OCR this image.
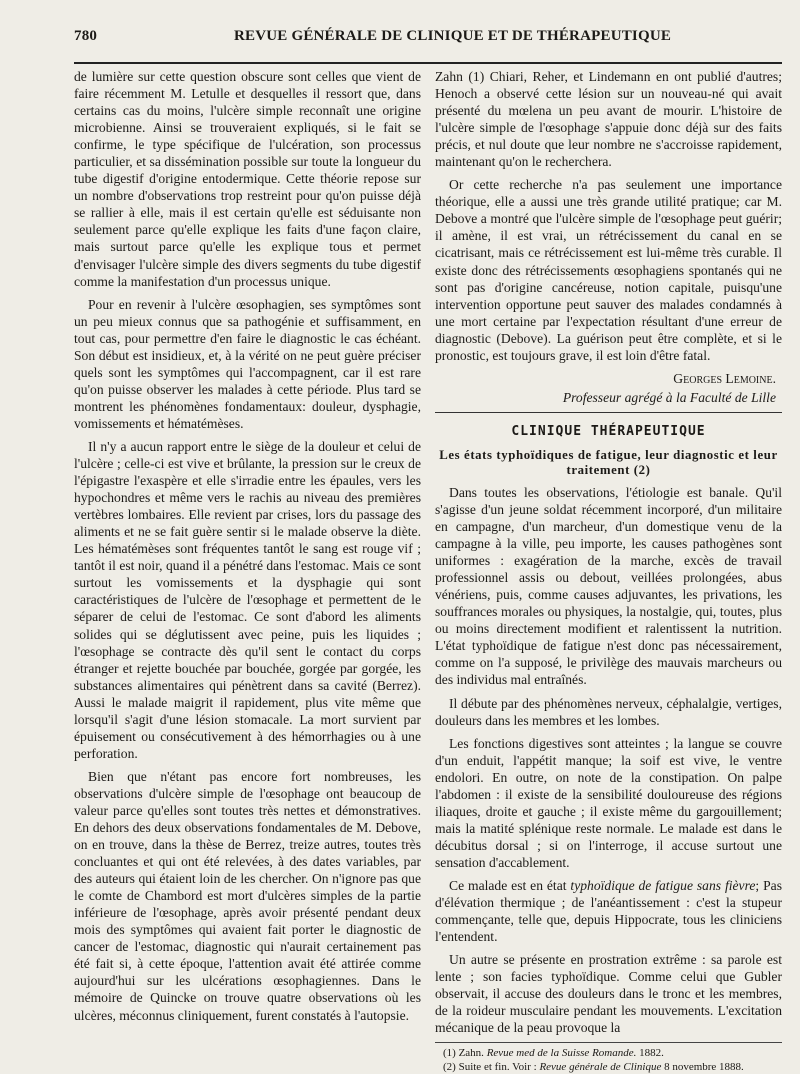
780	REVUE GÉNÉRALE DE CLINIQUE ET DE THÉRAPEUTIQUE

de lumière sur cette question obscure sont celles que vient de faire récemment M. Letulle et desquelles il ressort que, dans certains cas du moins, l'ulcère simple reconnaît une origine microbienne. Ainsi se trouveraient expliqués, si le fait se confirme, le type spécifique de l'ulcération, son processus particulier, et sa dissémination possible sur toute la longueur du tube digestif d'origine entodermique. Cette théorie repose sur un nombre d'observations trop restreint pour qu'on puisse déjà se rallier à elle, mais il est certain qu'elle est séduisante non seulement parce qu'elle explique les faits d'une façon claire, mais surtout parce qu'elle les explique tous et permet d'envisager l'ulcère simple des divers segments du tube digestif comme la manifestation d'un processus unique.

Pour en revenir à l'ulcère œsophagien, ses symptômes sont un peu mieux connus que sa pathogénie et suffisamment, en tout cas, pour permettre d'en faire le diagnostic le cas échéant. Son début est insidieux, et, à la vérité on ne peut guère préciser quels sont les symptômes qui l'accompagnent, car il est rare qu'on puisse observer les malades à cette période. Plus tard se montrent les phénomènes fondamentaux: douleur, dysphagie, vomissements et hématémèses.

Il n'y a aucun rapport entre le siège de la douleur et celui de l'ulcère ; celle-ci est vive et brûlante, la pression sur le creux de l'épigastre l'exaspère et elle s'irradie entre les épaules, vers les hypochondres et même vers le rachis au niveau des premières vertèbres lombaires. Elle revient par crises, lors du passage des aliments et ne se fait guère sentir si le malade observe la diète. Les hématémèses sont fréquentes tantôt le sang est rouge vif ; tantôt il est noir, quand il a pénétré dans l'estomac. Mais ce sont surtout les vomissements et la dysphagie qui sont caractéristiques de l'ulcère de l'œsophage et permettent de le séparer de celui de l'estomac. Ce sont d'abord les aliments solides qui se déglutissent avec peine, puis les liquides ; l'œsophage se contracte dès qu'il sent le contact du corps étranger et rejette bouchée par bouchée, gorgée par gorgée, les substances alimentaires qui pénètrent dans sa cavité (Berrez). Aussi le malade maigrit il rapidement, plus vite même que lorsqu'il s'agit d'une lésion stomacale. La mort survient par épuisement ou consécutivement à des hémorrhagies ou à une perforation.

Bien que n'étant pas encore fort nombreuses, les observations d'ulcère simple de l'œsophage ont beaucoup de valeur parce qu'elles sont toutes très nettes et démonstratives. En dehors des deux observations fondamentales de M. Debove, on en trouve, dans la thèse de Berrez, treize autres, toutes très concluantes et qui ont été relevées, à des dates variables, par des auteurs qui étaient loin de les chercher. On n'ignore pas que le comte de Chambord est mort d'ulcères simples de la partie inférieure de l'œsophage, après avoir présenté pendant deux mois des symptômes qui avaient fait porter le diagnostic de cancer de l'estomac, diagnostic qui n'aurait certainement pas été fait si, à cette époque, l'attention avait été attirée comme aujourd'hui sur les ulcérations œsophagiennes. Dans le mémoire de Quincke on trouve quatre observations où les ulcères, méconnus cliniquement, furent constatés à l'autopsie.

Zahn (1) Chiari, Reher, et Lindemann en ont publié d'autres; Henoch a observé cette lésion sur un nouveau-né qui avait présenté du mœlena un peu avant de mourir. L'histoire de l'ulcère simple de l'œsophage s'appuie donc déjà sur des faits précis, et nul doute que leur nombre ne s'accroisse rapidement, maintenant qu'on le recherchera.

Or cette recherche n'a pas seulement une importance théorique, elle a aussi une très grande utilité pratique; car M. Debove a montré que l'ulcère simple de l'œsophage peut guérir; il amène, il est vrai, un rétrécissement du canal en se cicatrisant, mais ce rétrécissement est lui-même très curable. Il existe donc des rétrécissements œsophagiens spontanés qui ne sont pas d'origine cancéreuse, notion capitale, puisqu'une intervention opportune peut sauver des malades condamnés à une mort certaine par l'expectation résultant d'une erreur de diagnostic (Debove). La guérison peut être complète, et si le pronostic, est toujours grave, il est loin d'être fatal.

Georges Lemoine.
Professeur agrégé à la Faculté de Lille
CLINIQUE THÉRAPEUTIQUE
Les états typhoïdiques de fatigue, leur diagnostic et leur traitement (2)

Dans toutes les observations, l'étiologie est banale. Qu'il s'agisse d'un jeune soldat récemment incorporé, d'un militaire en campagne, d'un marcheur, d'un domestique venu de la campagne à la ville, peu importe, les causes pathogènes sont uniformes : exagération de la marche, excès de travail professionnel assis ou debout, veillées prolongées, abus vénériens, puis, comme causes adjuvantes, les privations, les souffrances morales ou physiques, la nostalgie, qui, toutes, plus ou moins directement modifient et ralentissent la nutrition. L'état typhoïdique de fatigue n'est donc pas nécessairement, comme on l'a supposé, le privilège des mauvais marcheurs ou des individus mal entraînés.

Il débute par des phénomènes nerveux, céphalalgie, vertiges, douleurs dans les membres et les lombes.

Les fonctions digestives sont atteintes ; la langue se couvre d'un enduit, l'appétit manque; la soif est vive, le ventre endolori. En outre, on note de la constipation. On palpe l'abdomen : il existe de la sensibilité douloureuse des régions iliaques, droite et gauche ; il existe même du gargouillement; mais la matité splénique reste normale. Le malade est dans le décubitus dorsal ; si on l'interroge, il accuse surtout une sensation d'accablement.

Ce malade est en état typhoïdique de fatigue sans fièvre; Pas d'élévation thermique ; de l'anéantissement : c'est la stupeur commençante, telle que, depuis Hippocrate, tous les cliniciens l'entendent.

Un autre se présente en prostration extrême : sa parole est lente ; son facies typhoïdique. Comme celui que Gubler observait, il accuse des douleurs dans le tronc et les membres, de la roideur musculaire pendant les mouvements. L'excitation mécanique de la peau provoque la

(1) Zahn. Revue med de la Suisse Romande. 1882.

(2) Suite et fin. Voir : Revue générale de Clinique 8 novembre 1888.
